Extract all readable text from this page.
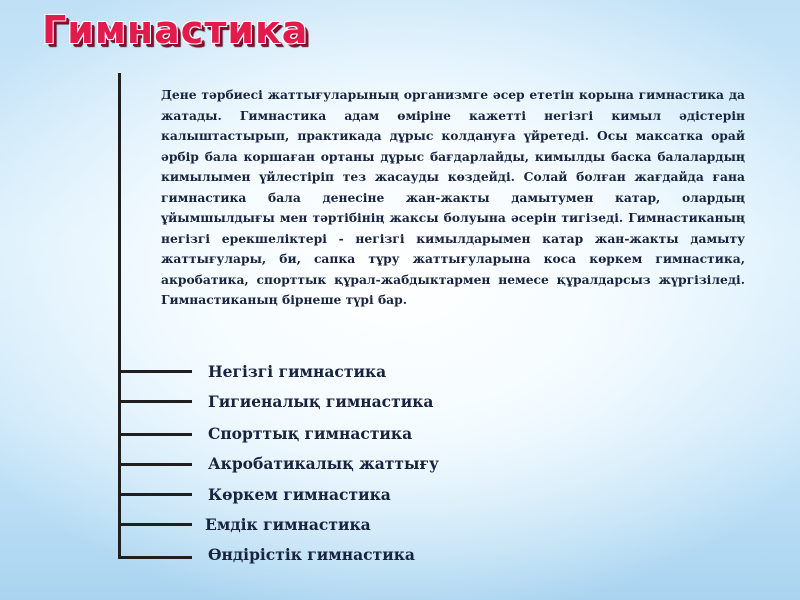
Гимнастика

Дене тәрбиесі жаттығуларының организмге әсер ететін корына гимнастика да жатады. Гимнастика адам өміріне кажетті негізгі кимыл әдістерін калыштастырып, практикада дұрыс колдануға үйретеді. Осы максатка орай әрбір бала коршаған ортаны дұрыс бағдарлайды, кимылды баска балалардың кимылымен үйлестіріп тез жасауды көздейді. Солай болған жағдайда ғана гимнастика бала денесіне жан-жакты дамытумен катар, олардың ұйымшылдығы мен тәртібінің жаксы болуына әсерін тигізеді. Гимнастиканың негізгі ерекшеліктері - негізгі кимылдарымен катар жан-жакты дамыту жаттығулары, би, сапка тұру жаттығуларына коса көркем гимнастика, акробатика, спорттык құрал-жабдыктармен немесе құралдарсыз жүргізіледі. Гимнастиканың бірнеше түрі бар.

Негізгі гимнастика

Гигиеналық гимнастика

Спорттық гимнастика

Акробатикалық жаттығу

Көркем гимнастика

Емдік гимнастика

Өндірістік гимнастика
